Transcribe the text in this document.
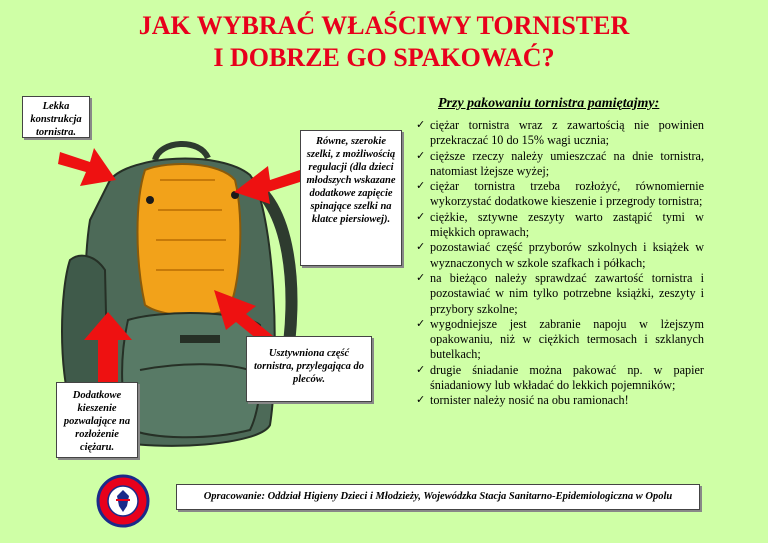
JAK WYBRAĆ WŁAŚCIWY TORNISTER
I DOBRZE GO SPAKOWAĆ?
Lekka konstrukcja tornistra.
Równe, szerokie szelki, z możliwością regulacji (dla dzieci młodszych wskazane dodatkowe zapięcie spinające szelki na klatce piersiowej).
Usztywniona część tornistra, przylegająca do pleców.
Dodatkowe kieszenie pozwalające na rozłożenie ciężaru.
Przy pakowaniu tornistra pamiętajmy:
✓ ciężar tornistra wraz z zawartością nie powinien przekraczać 10 do 15% wagi ucznia;
✓ cięższe rzeczy należy umieszczać na dnie tornistra, natomiast lżejsze wyżej;
✓ ciężar tornistra trzeba rozłożyć, równomiernie wykorzystać dodatkowe kieszenie i przegrody tornistra;
✓ ciężkie, sztywne zeszyty warto zastąpić tymi w miękkich oprawach;
✓ pozostawiać część przyborów szkolnych i książek w wyznaczonych w szkole szafkach i półkach;
✓ na bieżąco należy sprawdzać zawartość tornistra i pozostawiać w nim tylko potrzebne książki, zeszyty i przybory szkolne;
✓ wygodniejsze jest zabranie napoju w lżejszym opakowaniu, niż w ciężkich termosach i szklanych butelkach;
✓ drugie śniadanie można pakować np. w papier śniadaniowy lub wkładać do lekkich pojemników;
✓ tornister należy nosić na obu ramionach!
Opracowanie: Oddział Higieny Dzieci i Młodzieży, Wojewódzka Stacja Sanitarno-Epidemiologiczna w Opolu
